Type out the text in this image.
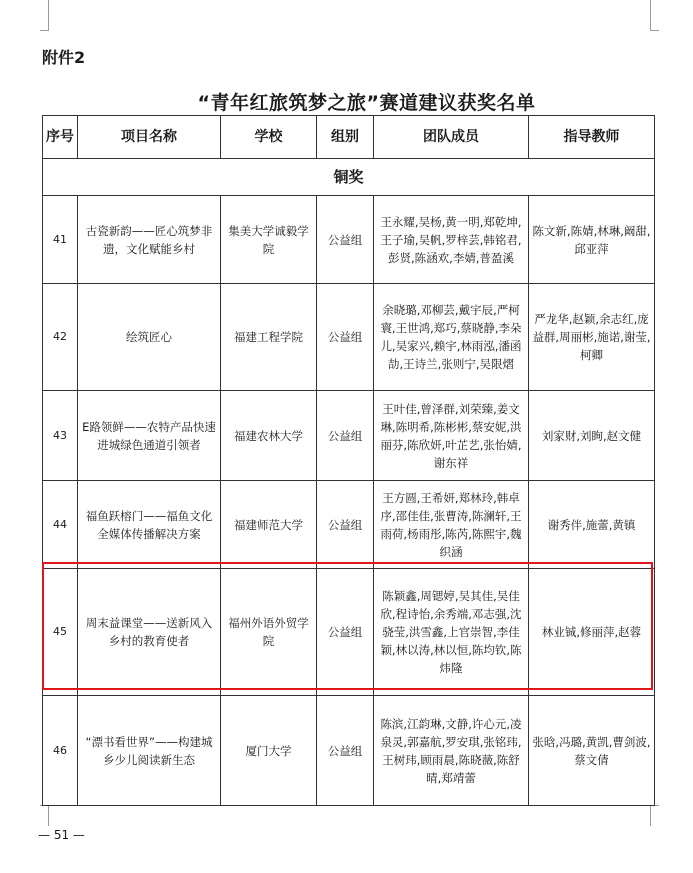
附件2
“青年红旅筑梦之旅”赛道建议获奖名单
序号	项目名称	学校	组别	团队成员	指导教师
铜奖					
41	古瓷新韵——匠心筑梦非遗，文化赋能乡村	集美大学诚毅学院	公益组	王永耀,吴杨,黄一明,郑乾坤,王子瑜,吴帆,罗梓芸,韩铭君,彭贤,陈涵欢,李婧,普盈溪	陈文新,陈婧,林琳,阚甜,邱亚萍
42	绘筑匠心	福建工程学院	公益组	余晓璐,邓柳芸,戴宇辰,严柯寰,王世鸿,郑巧,蔡晓静,李朵儿,吴家兴,赖宇,林雨泓,潘函劼,王诗兰,张则宁,吴限熠	严龙华,赵颖,余志红,庞益群,周丽彬,施诺,谢莹,柯卿
43	E路领鲜——农特产品快速进城绿色通道引领者	福建农林大学	公益组	王叶佳,曾泽群,刘荣臻,姜文琳,陈明希,陈彬彬,蔡安妮,洪丽芬,陈欣妍,叶芷艺,张怡婧,谢东祥	刘家财,刘眴,赵文健
44	福鱼跃榕门——福鱼文化全媒体传播解决方案	福建师范大学	公益组	王方圆,王希妍,郑林玲,韩卓序,邵佳佳,张曹涛,陈澜轩,王雨荷,杨雨彤,陈芮,陈熙宇,魏织涵	谢秀伴,施蕾,黄镇
45	周末益课堂——送新风入乡村的教育使者	福州外语外贸学院	公益组	陈颖鑫,周锶婷,吴其佳,吴佳欣,程诗怡,余秀端,邓志强,沈骁莹,洪雪鑫,上官崇智,李佳颖,林以涛,林以恒,陈均钦,陈炜隆	林业铖,修丽萍,赵蓉
46	“漂书看世界”——构建城乡少儿阅读新生态	厦门大学	公益组	陈滨,江韵琳,文静,许心元,凌泉灵,郭嘉航,罗安琪,张铭玮,王树玮,顾雨晨,陈晓薇,陈舒晴,郑靖蕾	张晗,冯璐,黄凯,曹剑波,蔡文倩
— 51 —
